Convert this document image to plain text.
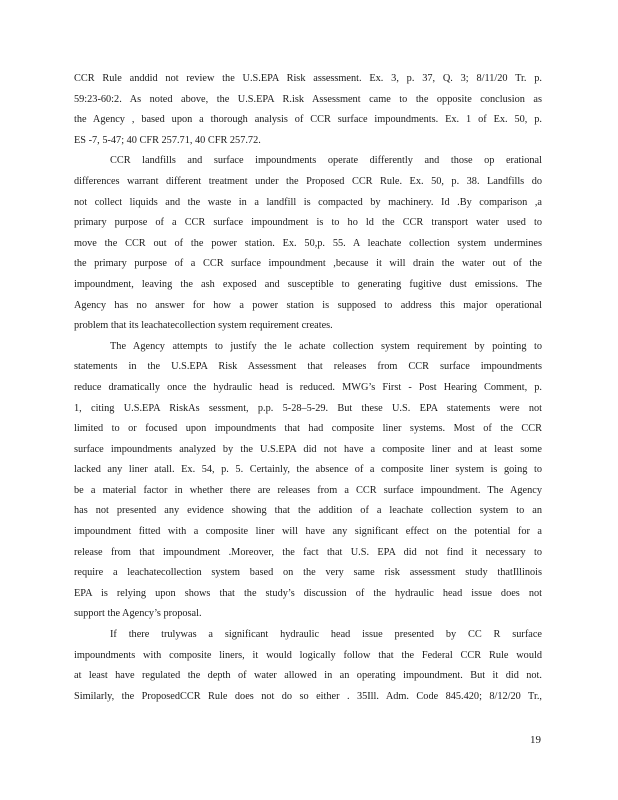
CCR Rule anddid not review the U.S.EPA Risk assessment. Ex. 3, p. 37, Q. 3; 8/11/20 Tr. p.
59:23-60:2. As noted above, the U.S.EPA R.isk Assessment came to the opposite conclusion as
the Agency , based upon a thorough analysis of CCR surface impoundments. Ex. 1 of Ex. 50, p.
ES -7, 5-47; 40 CFR 257.71, 40 CFR 257.72.
CCR landfills and surface impoundments operate differently and those op erational
differences warrant different treatment under the Proposed CCR Rule. Ex. 50, p. 38. Landfills do
not collect liquids and the waste in a landfill is compacted by machinery. Id .By comparison ,a
primary purpose of a CCR surface impoundment is to ho ld the CCR transport water used to
move the CCR out of the power station. Ex. 50,p. 55. A leachate collection system undermines
the primary purpose of a CCR surface impoundment ,because it will drain the water out of the
impoundment, leaving the ash exposed and susceptible to generating fugitive dust emissions. The
Agency has no answer for how a power station is supposed to address this major operational
problem that its leachatecollection system requirement creates.
The Agency attempts to justify the le achate collection system requirement by pointing to
statements in the U.S.EPA Risk Assessment that releases from CCR surface impoundments
reduce dramatically once the hydraulic head is reduced. MWG’s First - Post Hearing Comment, p.
1, citing U.S.EPA RiskAs sessment, p.p. 5-28–5-29. But these U.S. EPA statements were not
limited to or focused upon impoundments that had composite liner systems. Most of the CCR
surface impoundments analyzed by the U.S.EPA did not have a composite liner and at least some
lacked any liner atall. Ex. 54, p. 5. Certainly, the absence of a composite liner system is going to
be a material factor in whether there are releases from a CCR surface impoundment. The Agency
has not presented any evidence showing that the addition of a leachate collection system to an
impoundment fitted with a composite liner will have any significant effect on the potential for a
release from that impoundment .Moreover, the fact that U.S. EPA did not find it necessary to
require a leachatecollection system based on the very same risk assessment study thatIllinois
EPA is relying upon shows that the study’s discussion of the hydraulic head issue does not
support the Agency’s proposal.
If there trulywas a significant hydraulic head issue presented by CC R surface
impoundments with composite liners, it would logically follow that the Federal CCR Rule would
at least have regulated the depth of water allowed in an operating impoundment. But it did not.
Similarly, the ProposedCCR Rule does not do so either . 35Ill. Adm. Code 845.420; 8/12/20 Tr.,
19
